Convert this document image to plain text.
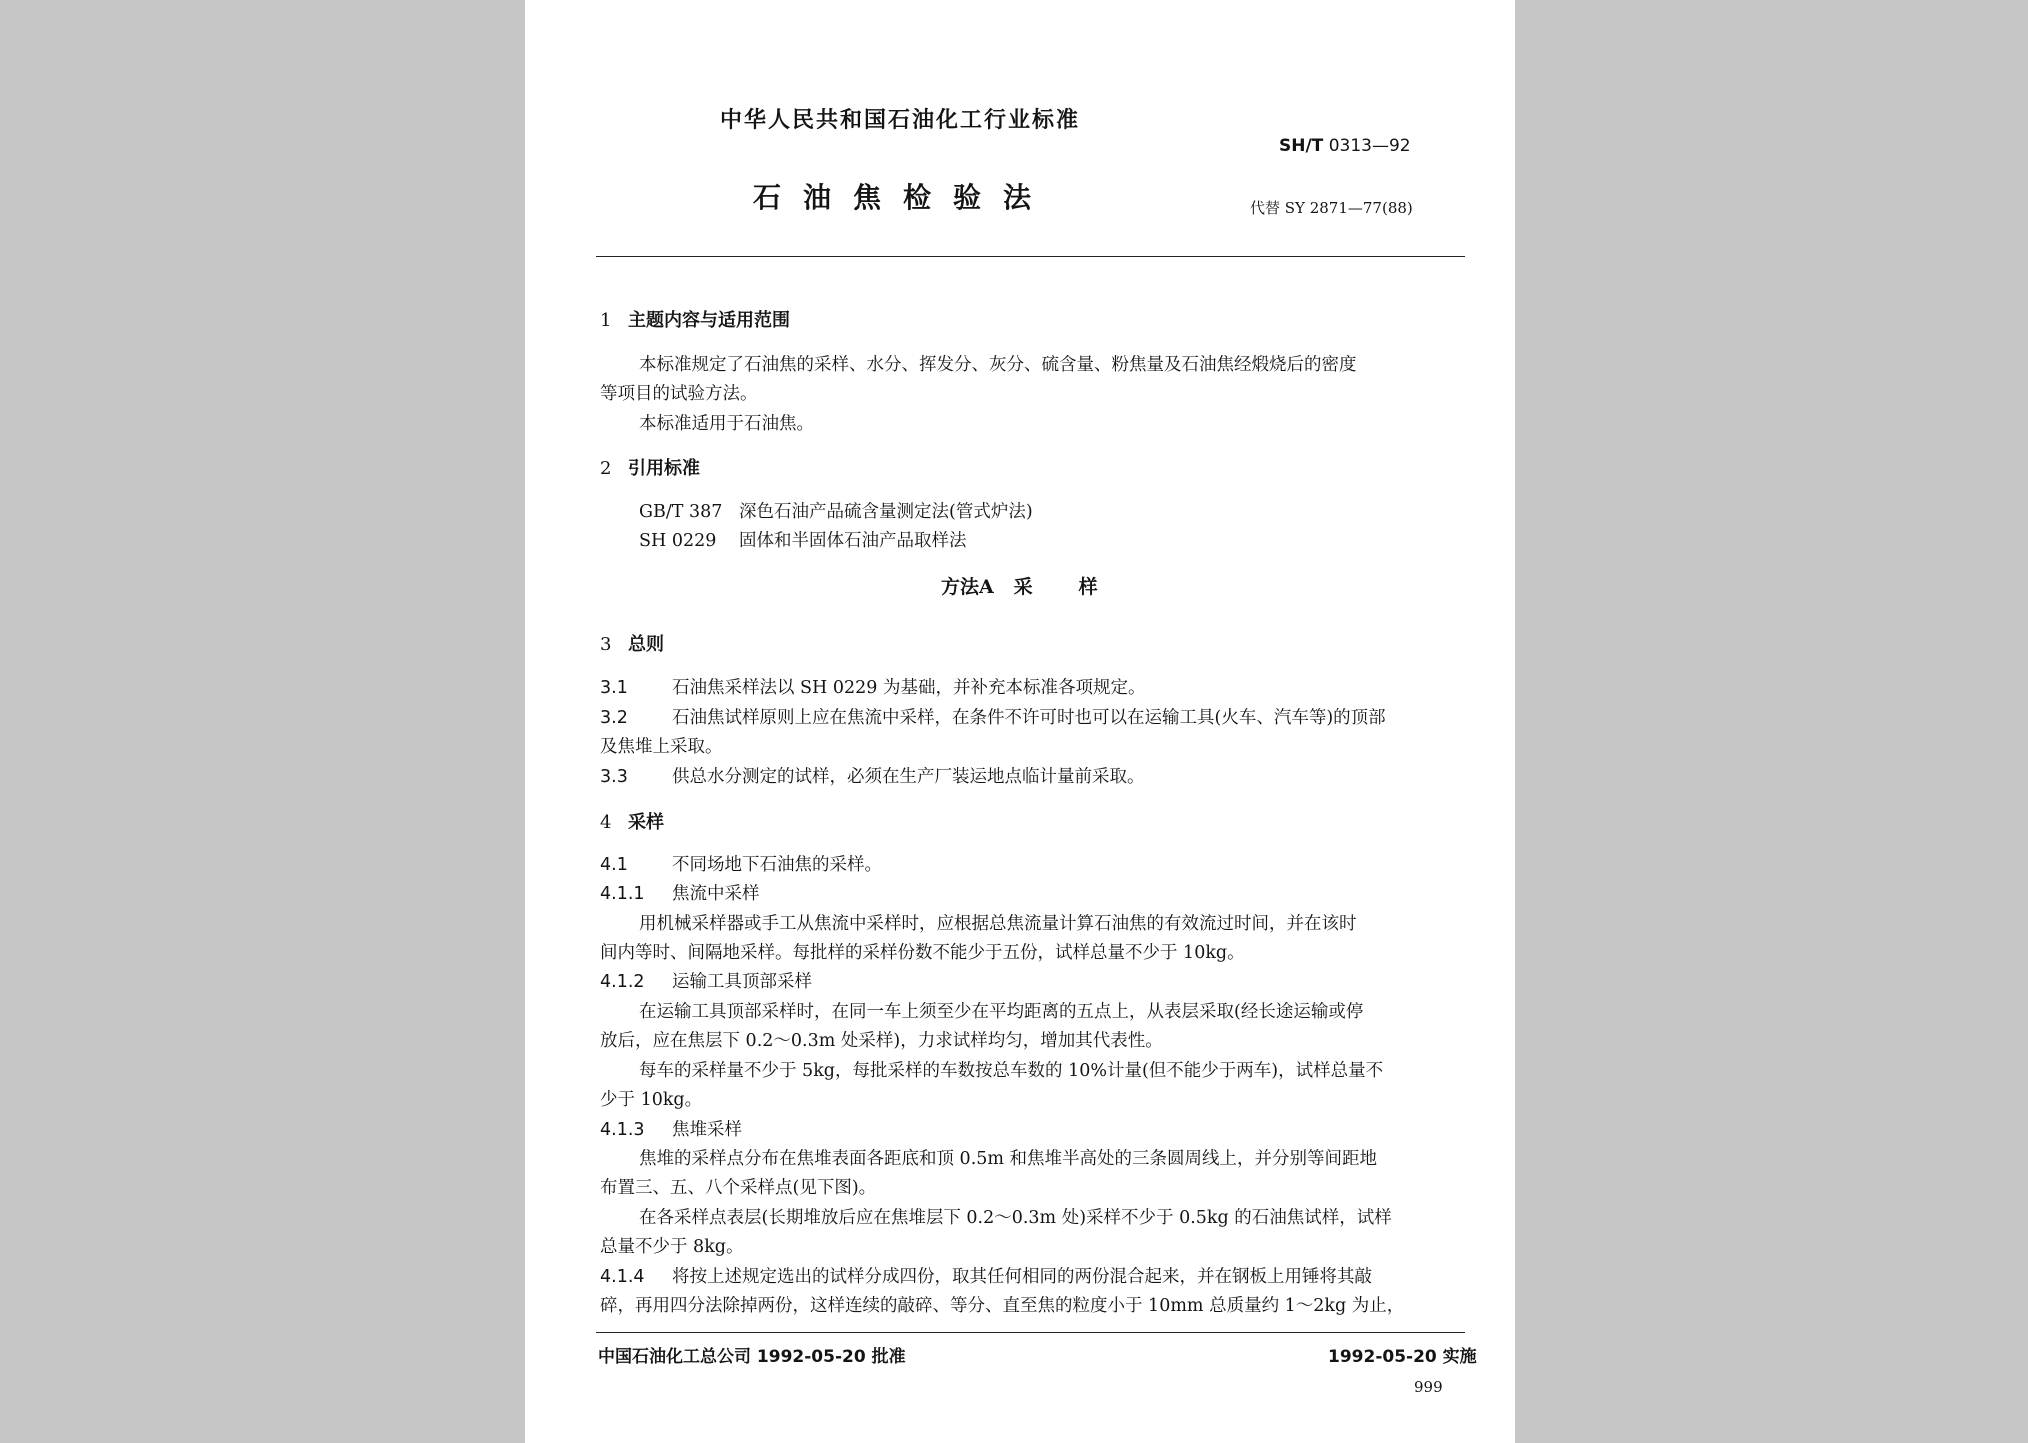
中华人民共和国石油化工行业标准
SH/T 0313—92
石油焦检验法	代替 SY 2871—77(88)
1 主题内容与适用范围
本标准规定了石油焦的采样、水分、挥发分、灰分、硫含量、粉焦量及石油焦经煅烧后的密度
等项目的试验方法。
本标准适用于石油焦。
2 引用标准
GB/T 387 深色石油产品硫含量测定法(管式炉法)
SH 0229 固体和半固体石油产品取样法
方法A 采样
3 总则
3.1	石油焦采样法以 SH 0229 为基础，并补充本标准各项规定。
3.2	石油焦试样原则上应在焦流中采样，在条件不许可时也可以在运输工具(火车、汽车等)的顶部
及焦堆上采取。
3.3	供总水分测定的试样，必须在生产厂装运地点临计量前采取。
4 采样
4.1	不同场地下石油焦的采样。
4.1.1 焦流中采样
用机械采样器或手工从焦流中采样时，应根据总焦流量计算石油焦的有效流过时间，并在该时
间内等时、间隔地采样。每批样的采样份数不能少于五份，试样总量不少于 10kg。
4.1.2 运输工具顶部采样
在运输工具顶部采样时，在同一车上须至少在平均距离的五点上，从表层采取(经长途运输或停
放后，应在焦层下 0.2～0.3m 处采样)，力求试样均匀，增加其代表性。
每车的采样量不少于 5kg，每批采样的车数按总车数的 10%计量(但不能少于两车)，试样总量不
少于 10kg。
4.1.3 焦堆采样
焦堆的采样点分布在焦堆表面各距底和顶 0.5m 和焦堆半高处的三条圆周线上，并分别等间距地
布置三、五、八个采样点(见下图)。
在各采样点表层(长期堆放后应在焦堆层下 0.2～0.3m 处)采样不少于 0.5kg 的石油焦试样，试样
总量不少于 8kg。
4.1.4 将按上述规定选出的试样分成四份，取其任何相同的两份混合起来，并在钢板上用锤将其敲
碎，再用四分法除掉两份，这样连续的敲碎、等分、直至焦的粒度小于 10mm 总质量约 1～2kg 为止，
中国石油化工总公司 1992-05-20 批准	1992-05-20 实施
999
